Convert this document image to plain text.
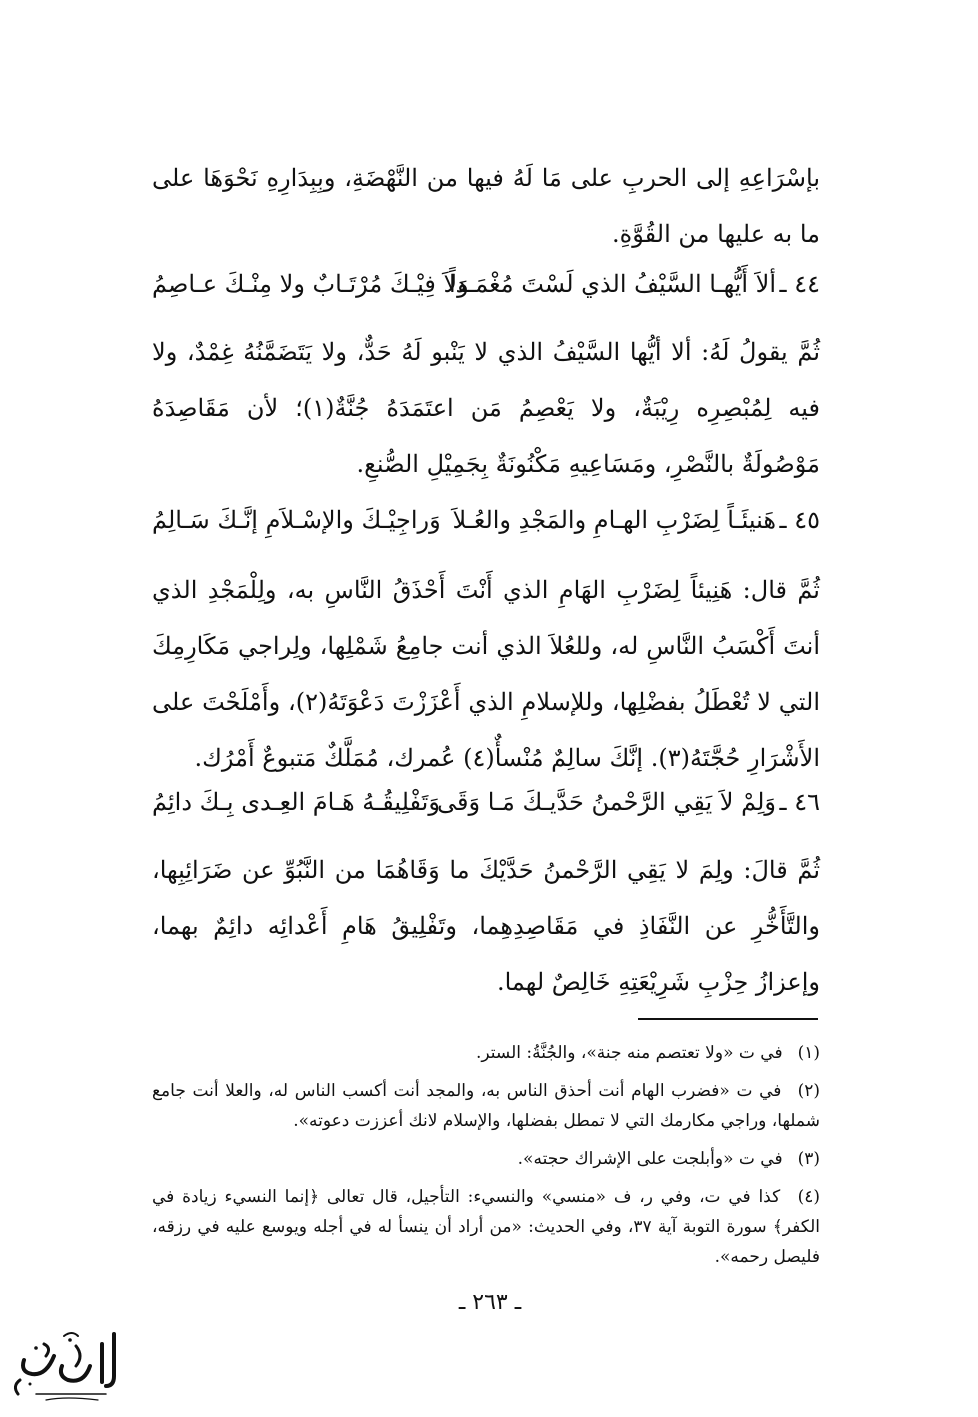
بإسْرَاعِهِ إلى الحربِ على مَا لَهُ فيها من النَّهْضَةِ، وبِبِدَارِهِ نَحْوَهَا على ما به عليها من القُوَّةِ.

٤٤ ـ
ألاَ أَيُّهـا السَّيْفُ الذي لَسْتَ مُغْمَـداً
وَلاَ فِيْـكَ مُرْتَـابٌ ولا مِنْـكَ عـاصِمُ

ثُمَّ يقولُ لَهُ: ألا أيُّها السَّيْفُ الذي لا يَنْبو لَهُ حَدٌّ، ولا يَتَضَمَّنُهُ غِمْدٌ، ولا فيه لِمُبْصِرِه رِيْبَةٌ، ولا يَعْصِمُ مَن اعتَمَدَهُ جُنَّةٌ(١)؛ لأن مَقَاصِدَهُ مَوْصُولَةٌ بالنَّصْرِ، ومَسَاعِيهِ مَكْنُونَةٌ بِجَمِيْلِ الصُّنعِ.

٤٥ ـ
هَنيئَـاً لِضَرْبِ الهـامِ والمَجْدِ والعُـلاَ
وَراجِيْـكَ والإسْـلاَمِ إنَّـكَ سَـالِمُ

ثُمَّ قال: هَنِيئاً لِضَرْبِ الهَامِ الذي أَنْتَ أَحْذَقُ النَّاسِ به، ولِلْمَجْدِ الذي أنتَ أَكْسَبُ النَّاسِ له، وللعُلاَ الذي أنت جامِعُ شَمْلِها، ولِراجي مَكَارِمِكَ التي لا تُعْطَلُ بفضْلِها، وللإسلامِ الذي أَعْزَزْتَ دَعْوَتَهُ(٢)، وأَمْلَحْتَ على الأَشْرَارِ حُجَّتَهُ(٣). إنَّكَ سالِمٌ مُنْسأٌ(٤) عُمرك، مُمَلَّكٌ مَتبوعٌ أَمْرُك.

٤٦ ـ
وَلِمْ لاَ يَقِي الرَّحْمنُ حَدَّيـكَ مَـا وَقَى
وَتَفْلِيقُـهُ هَـامَ العِـدى بِـكَ دائِمُ

ثُمَّ قالَ: ولِمَ لا يَقِي الرَّحْمنُ حَدَّيْكَ ما وَقَاهُمَا من النَّبُوِّ عن ضَرَائِبِها، والتَّأَخُّرِ عن النَّفَاذِ في مَقَاصِدِهِما، وتَفْلِيقُ هَامِ أَعْدائِه دائِمٌ بهما، وإعزازُ حِزْبِ شَرِيْعَتِهِ خَالِصٌ لهما.

(١) في ت «ولا تعتصم منه جنة»، والجُنَّةُ: الستر.

(٢) في ت «فضرب الهام أنت أحذق الناس به، والمجد أنت أكسب الناس له، والعلا أنت جامع شملها، وراجي مكارمك التي لا تمطل بفضلها، والإسلام لانك أعززت دعوته».

(٣) في ت «وأبلجت على الإشراك حجته».

(٤) كذا في ت، وفي ر، ف «منسي» والنسيء: التأجيل، قال تعالى ﴿إنما النسيء زيادة في الكفر﴾ سورة التوبة آية ٣٧، وفي الحديث: «من أراد أن ينسأ له في أجله ويوسع عليه في رزقه، فليصل رحمه».

ـ ٢٦٣ ـ
